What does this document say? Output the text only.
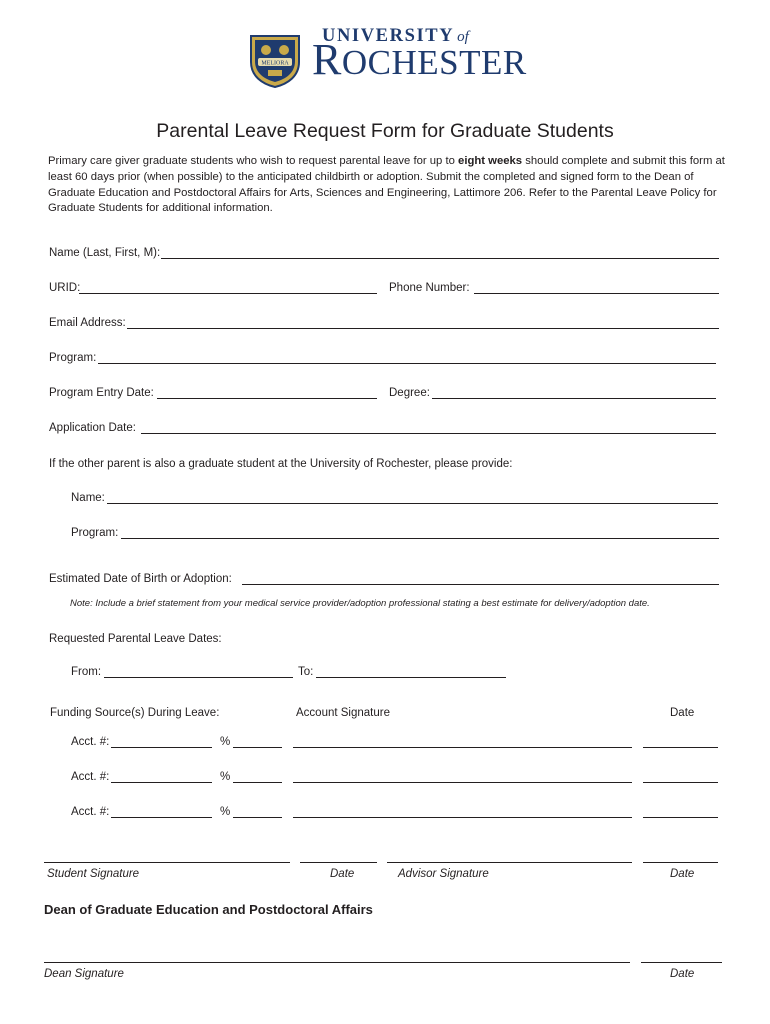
MELIORA
UNIVERSITY of
ROCHESTER
Parental Leave Request Form for Graduate Students
Primary care giver graduate students who wish to request parental leave for up to eight weeks should complete and submit this form at least 60 days prior (when possible) to the anticipated childbirth or adoption. Submit the completed and signed form to the Dean of Graduate Education and Postdoctoral Affairs for Arts, Sciences and Engineering, Lattimore 206. Refer to the Parental Leave Policy for Graduate Students for additional information.
Name (Last, First, M):
URID:	Phone Number:
Email Address:
Program:
Program Entry Date:	Degree:
Application Date:
If the other parent is also a graduate student at the University of Rochester, please provide:
Name:
Program:
Estimated Date of Birth or Adoption:
Note: Include a brief statement from your medical service provider/adoption professional stating a best estimate for delivery/adoption date.
Requested Parental Leave Dates:
From:	To:
Funding Source(s) During Leave:	Account Signature	Date
Acct. #:	%
Acct. #:	%
Acct. #:	%
Student Signature	Date	Advisor Signature	Date
Dean of Graduate Education and Postdoctoral Affairs
Dean Signature	Date
